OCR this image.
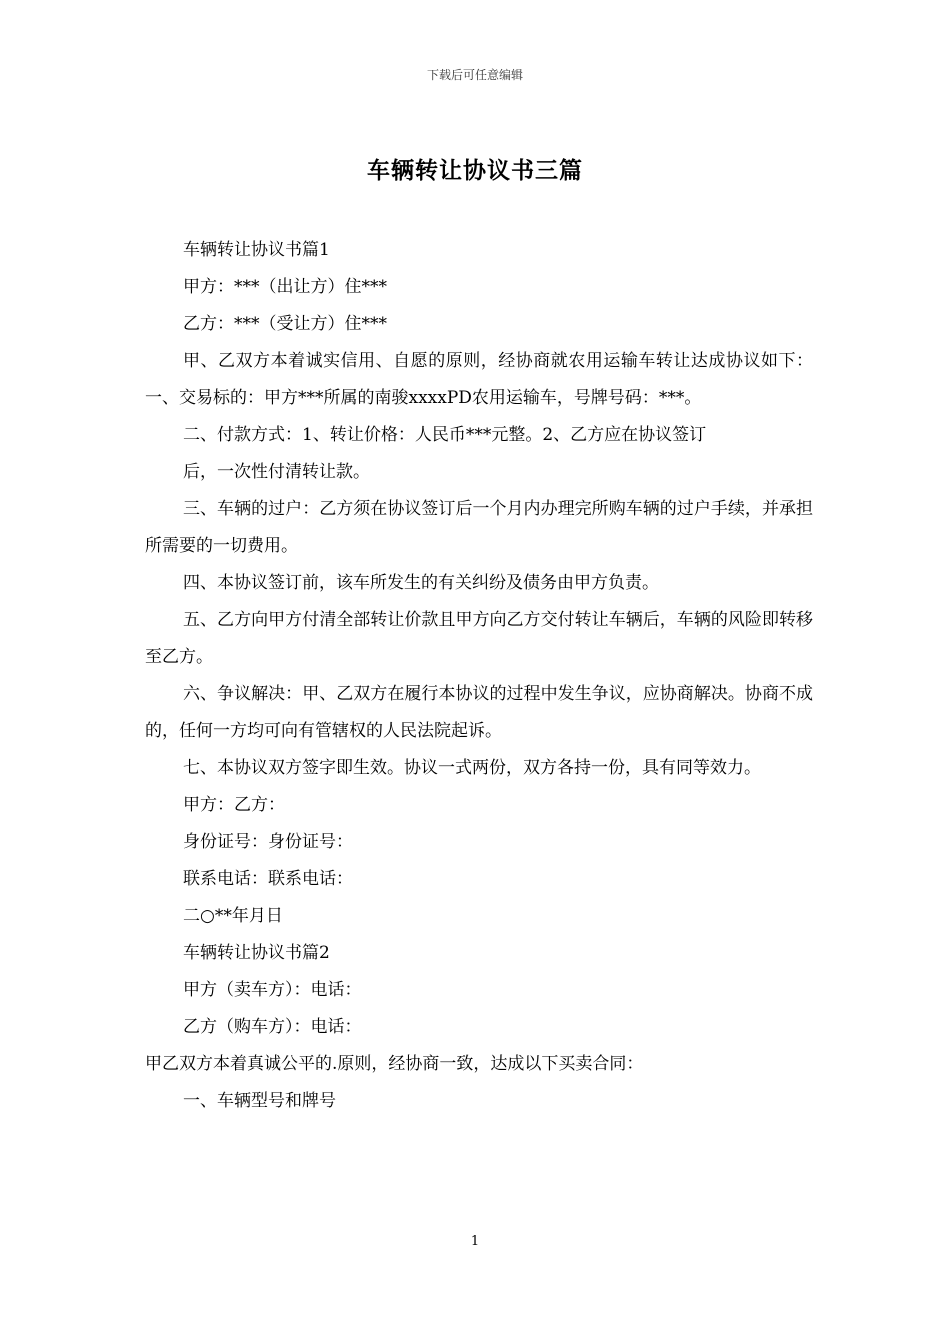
下载后可任意编辑
车辆转让协议书三篇

车辆转让协议书篇1

甲方：***（出让方）住***

乙方：***（受让方）住***

甲、乙双方本着诚实信用、自愿的原则，经协商就农用运输车转让达成协议如下：一、交易标的：甲方***所属的南骏xxxxPD农用运输车，号牌号码：***。

二、付款方式：1、转让价格：人民币***元整。2、乙方应在协议签订

后，一次性付清转让款。

三、车辆的过户：乙方须在协议签订后一个月内办理完所购车辆的过户手续，并承担所需要的一切费用。

四、本协议签订前，该车所发生的有关纠纷及债务由甲方负责。

五、乙方向甲方付清全部转让价款且甲方向乙方交付转让车辆后，车辆的风险即转移至乙方。

六、争议解决：甲、乙双方在履行本协议的过程中发生争议，应协商解决。协商不成的，任何一方均可向有管辖权的人民法院起诉。

七、本协议双方签字即生效。协议一式两份，双方各持一份，具有同等效力。

甲方：乙方：

身份证号：身份证号：

联系电话：联系电话：

二○**年月日

车辆转让协议书篇2

甲方（卖车方）：电话：

乙方（购车方）：电话：

甲乙双方本着真诚公平的.原则，经协商一致，达成以下买卖合同：

一、车辆型号和牌号

1
